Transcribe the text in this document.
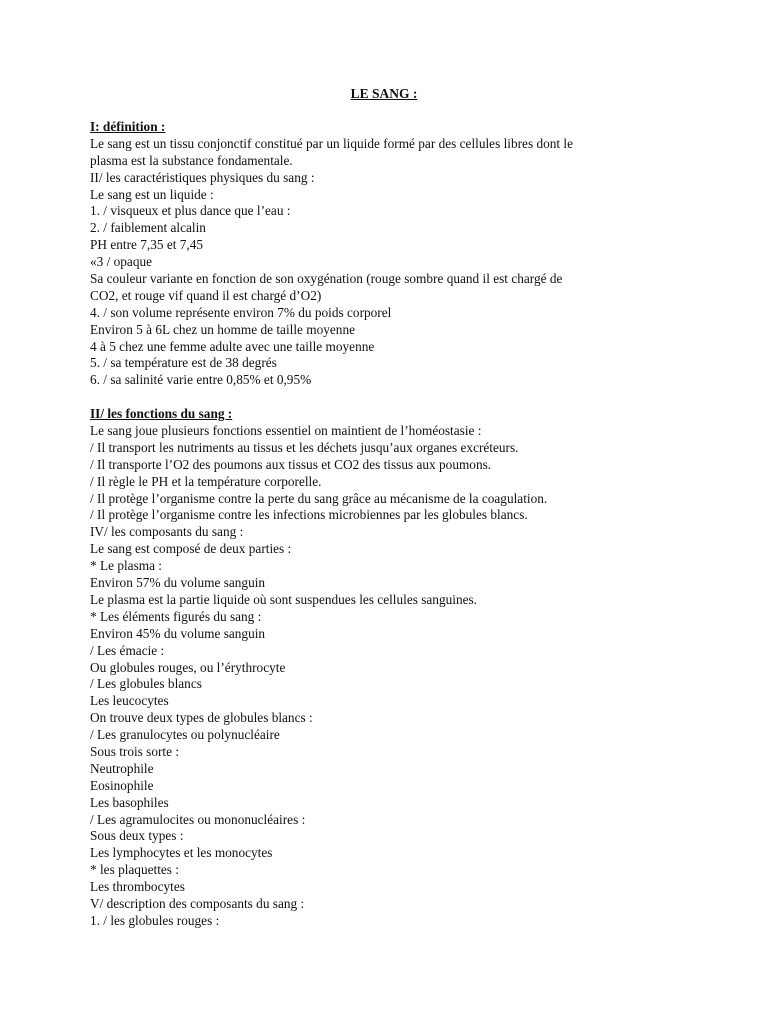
LE SANG :
I: définition :
Le sang est un tissu conjonctif constitué par un liquide formé par des cellules libres dont le
plasma est la substance fondamentale.
II/ les caractéristiques physiques du sang :
Le sang est un liquide :
1. / visqueux et plus dance que l’eau :
2. / faiblement alcalin
PH entre 7,35 et 7,45
«3 / opaque
Sa couleur variante en fonction de son oxygénation (rouge sombre quand il est chargé de
CO2, et rouge vif quand il est chargé d’O2)
4. / son volume représente environ 7% du poids corporel
Environ 5 à 6L chez un homme de taille moyenne
4 à 5 chez une femme adulte avec une taille moyenne
5. / sa température est de 38 degrés
6. / sa salinité varie entre 0,85% et 0,95%
II/ les fonctions du sang :
Le sang joue plusieurs fonctions essentiel on maintient de l’homéostasie :
/ Il transport les nutriments au tissus et les déchets jusqu’aux organes excréteurs.
/ Il transporte l’O2 des poumons aux tissus et CO2 des tissus aux poumons.
/ Il règle le PH et la température corporelle.
/ Il protège l’organisme contre la perte du sang grâce au mécanisme de la coagulation.
/ Il protège l’organisme contre les infections microbiennes par les globules blancs.
IV/ les composants du sang :
Le sang est composé de deux parties :
* Le plasma :
Environ 57% du volume sanguin
Le plasma est la partie liquide où sont suspendues les cellules sanguines.
* Les éléments figurés du sang :
Environ 45% du volume sanguin
/ Les émacie :
Ou globules rouges, ou l’érythrocyte
/ Les globules blancs
Les leucocytes
On trouve deux types de globules blancs :
/ Les granulocytes ou polynucléaire
Sous trois sorte :
Neutrophile
Eosinophile
Les basophiles
/ Les agramulocites ou mononucléaires :
Sous deux types :
Les lymphocytes et les monocytes
* les plaquettes :
Les thrombocytes
V/ description des composants du sang :
1. / les globules rouges :
